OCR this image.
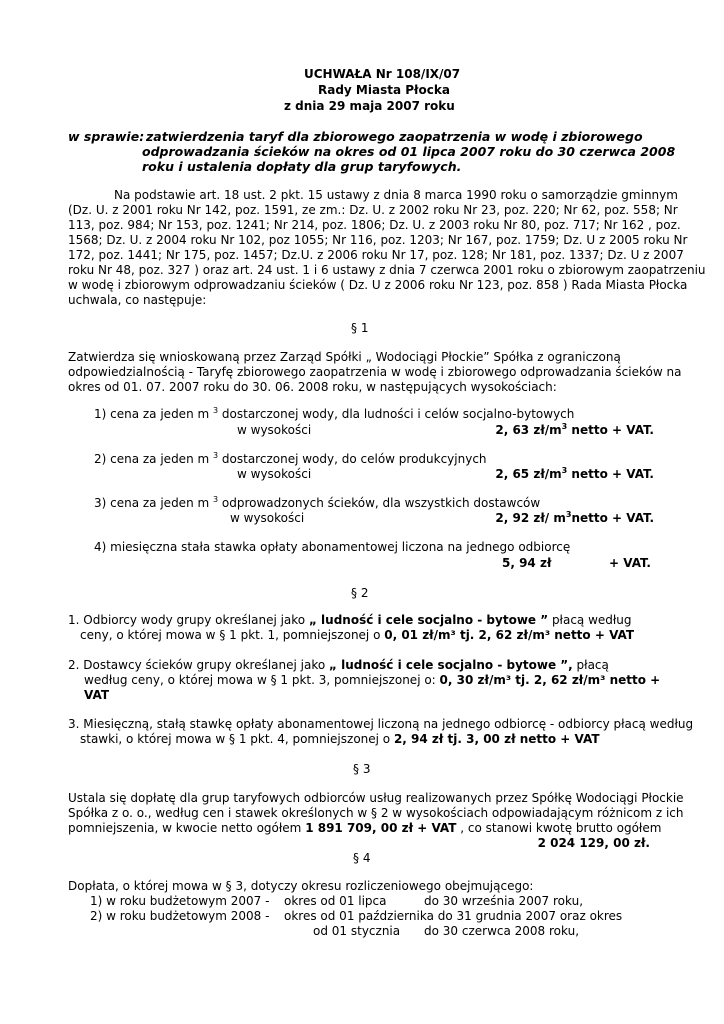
UCHWAŁA Nr 108/IX/07
Rady Miasta Płocka
z dnia 29 maja 2007 roku
w sprawie: zatwierdzenia taryf dla zbiorowego zaopatrzenia w wodę i zbiorowego
odprowadzania ścieków na okres od 01 lipca 2007 roku do 30 czerwca 2008
roku i ustalenia dopłaty dla grup taryfowych.
Na podstawie art. 18 ust. 2 pkt. 15 ustawy z dnia 8 marca 1990 roku o samorządzie gminnym
(Dz. U. z 2001 roku Nr 142, poz. 1591, ze zm.: Dz. U. z 2002 roku Nr 23, poz. 220; Nr 62, poz. 558; Nr
113, poz. 984; Nr 153, poz. 1241; Nr 214, poz. 1806; Dz. U. z 2003 roku Nr 80, poz. 717; Nr 162 , poz.
1568; Dz. U. z 2004 roku Nr 102, poz 1055; Nr 116, poz. 1203; Nr 167, poz. 1759; Dz. U z 2005 roku Nr
172, poz. 1441; Nr 175, poz. 1457; Dz.U. z 2006 roku Nr 17, poz. 128; Nr 181, poz. 1337; Dz. U z 2007
roku Nr 48, poz. 327 ) oraz art. 24 ust. 1 i 6 ustawy z dnia 7 czerwca 2001 roku o zbiorowym zaopatrzeniu
w wodę i zbiorowym odprowadzaniu ścieków ( Dz. U z 2006 roku Nr 123, poz. 858 ) Rada Miasta Płocka
uchwala, co następuje:
§ 1
Zatwierdza się wnioskowaną przez Zarząd Spółki „ Wodociągi Płockie” Spółka z ograniczoną
odpowiedzialnością - Taryfę zbiorowego zaopatrzenia w wodę i zbiorowego odprowadzania ścieków na
okres od 01. 07. 2007 roku do 30. 06. 2008 roku, w następujących wysokościach:
1) cena za jeden m $^3$ dostarczonej wody, dla ludności i celów socjalno-bytowych
w wysokości	2, 63 $zł/m^3$ netto + VAT.
2) cena za jeden m $^3$ dostarczonej wody, do celów produkcyjnych
w wysokości	2, 65 $zł/m^3$ netto + VAT.
3) cena za jeden m $^3$ odprowadzonych ścieków, dla wszystkich dostawców
w wysokości	2, 92 zł/ $m^3netto$ + VAT.
4) miesięczna stała stawka opłaty abonamentowej liczona na jednego odbiorcę
5, 94 zł	+ VAT.
§ 2
1. Odbiorcy wody grupy określanej jako „ ludność i cele socjalno - bytowe ” płacą według
ceny, o której mowa w § 1 pkt. 1, pomniejszonej o 0, 01 zł/m³ tj. 2, 62 zł/m³ netto + VAT
2. Dostawcy ścieków grupy określanej jako „ ludność i cele socjalno - bytowe ”, płacą
według ceny, o której mowa w § 1 pkt. 3, pomniejszonej o: 0, 30 zł/m³ tj. 2, 62 zł/m³ netto +
VAT
3. Miesięczną, stałą stawkę opłaty abonamentowej liczoną na jednego odbiorcę - odbiorcy płacą według
stawki, o której mowa w § 1 pkt. 4, pomniejszonej o 2, 94 zł tj. 3, 00 zł netto + VAT
§ 3
Ustala się dopłatę dla grup taryfowych odbiorców usług realizowanych przez Spółkę Wodociągi Płockie
Spółka z o. o., według cen i stawek określonych w § 2 w wysokościach odpowiadającym różnicom z ich
pomniejszenia, w kwocie netto ogółem 1 891 709, 00 zł + VAT , co stanowi kwotę brutto ogółem
2 024 129, 00 zł.
§ 4
Dopłata, o której mowa w § 3, dotyczy okresu rozliczeniowego obejmującego:
1) w roku budżetowym 2007 - okres od 01 lipca	do 30 września 2007 roku,
2) w roku budżetowym 2008 - okres od 01 października do 31 grudnia 2007 oraz okres
od 01 stycznia do 30 czerwca 2008 roku,
